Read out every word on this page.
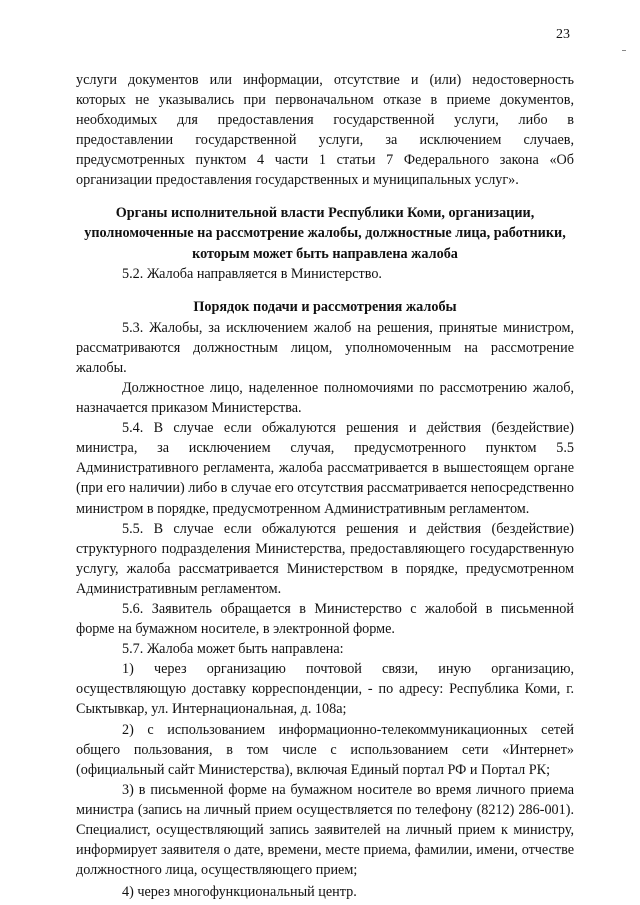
23

услуги документов или информации, отсутствие и (или) недостоверность которых не указывались при первоначальном отказе в приеме документов, необходимых для предоставления государственной услуги, либо в предоставлении государственной услуги, за исключением случаев, предусмотренных пунктом 4 части 1 статьи 7 Федерального закона «Об организации предоставления государственных и муниципальных услуг».

Органы исполнительной власти Республики Коми, организации, уполномоченные на рассмотрение жалобы, должностные лица, работники, которым может быть направлена жалоба

5.2. Жалоба направляется в Министерство.

Порядок подачи и рассмотрения жалобы

5.3. Жалобы, за исключением жалоб на решения, принятые министром, рассматриваются должностным лицом, уполномоченным на рассмотрение жалобы.

Должностное лицо, наделенное полномочиями по рассмотрению жалоб, назначается приказом Министерства.

5.4. В случае если обжалуются решения и действия (бездействие) министра, за исключением случая, предусмотренного пунктом 5.5 Административного регламента, жалоба рассматривается в вышестоящем органе (при его наличии) либо в случае его отсутствия рассматривается непосредственно министром в порядке, предусмотренном Административным регламентом.

5.5. В случае если обжалуются решения и действия (бездействие) структурного подразделения Министерства, предоставляющего государственную услугу, жалоба рассматривается Министерством в порядке, предусмотренном Административным регламентом.

5.6. Заявитель обращается в Министерство с жалобой в письменной форме на бумажном носителе, в электронной форме.

5.7. Жалоба может быть направлена:

1) через организацию почтовой связи, иную организацию, осуществляющую доставку корреспонденции, - по адресу: Республика Коми, г. Сыктывкар, ул. Интернациональная, д. 108а;

2) с использованием информационно-телекоммуникационных сетей общего пользования, в том числе с использованием сети «Интернет» (официальный сайт Министерства), включая Единый портал РФ и Портал РК;

3) в письменной форме на бумажном носителе во время личного приема министра (запись на личный прием осуществляется по телефону (8212) 286-001). Специалист, осуществляющий запись заявителей на личный прием к министру, информирует заявителя о дате, времени, месте приема, фамилии, имени, отчестве должностного лица, осуществляющего прием;

4) через многофункциональный центр.
